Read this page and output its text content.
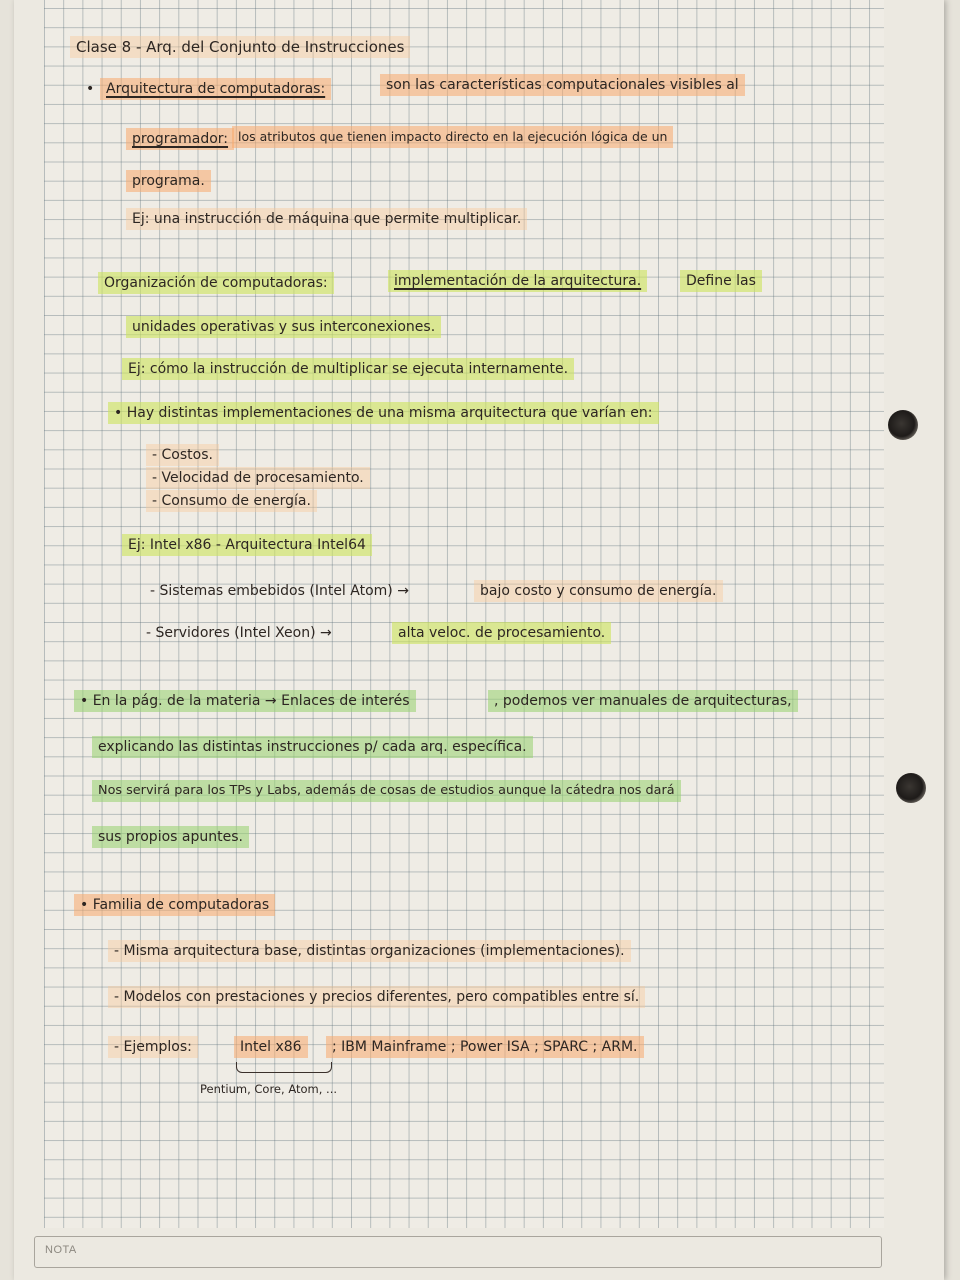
NOTA
Clase 8 - Arq. del Conjunto de Instrucciones
• Arquitectura de computadoras:	son las características computacionales visibles al
programador: los atributos que tienen impacto directo en la ejecución lógica de un
programa.
Ej: una instrucción de máquina que permite multiplicar.
Organización de computadoras:	implementación de la arquitectura.	Define las
unidades operativas y sus interconexiones.
Ej: cómo la instrucción de multiplicar se ejecuta internamente.
• Hay distintas implementaciones de una misma arquitectura que varían en:
- Costos.
- Velocidad de procesamiento.
- Consumo de energía.
Ej: Intel x86 - Arquitectura Intel64
- Sistemas embebidos (Intel Atom) →	bajo costo y consumo de energía.
- Servidores (Intel Xeon) →	alta veloc. de procesamiento.
• En la pág. de la materia → Enlaces de interés	, podemos ver manuales de arquitecturas,
explicando las distintas instrucciones p/ cada arq. específica.
Nos servirá para los TPs y Labs, además de cosas de estudios aunque la cátedra nos dará
sus propios apuntes.
• Familia de computadoras
- Misma arquitectura base, distintas organizaciones (implementaciones).
- Modelos con prestaciones y precios diferentes, pero compatibles entre sí.
- Ejemplos:	Intel x86	; IBM Mainframe ; Power ISA ; SPARC ; ARM.
Pentium, Core, Atom, ...
